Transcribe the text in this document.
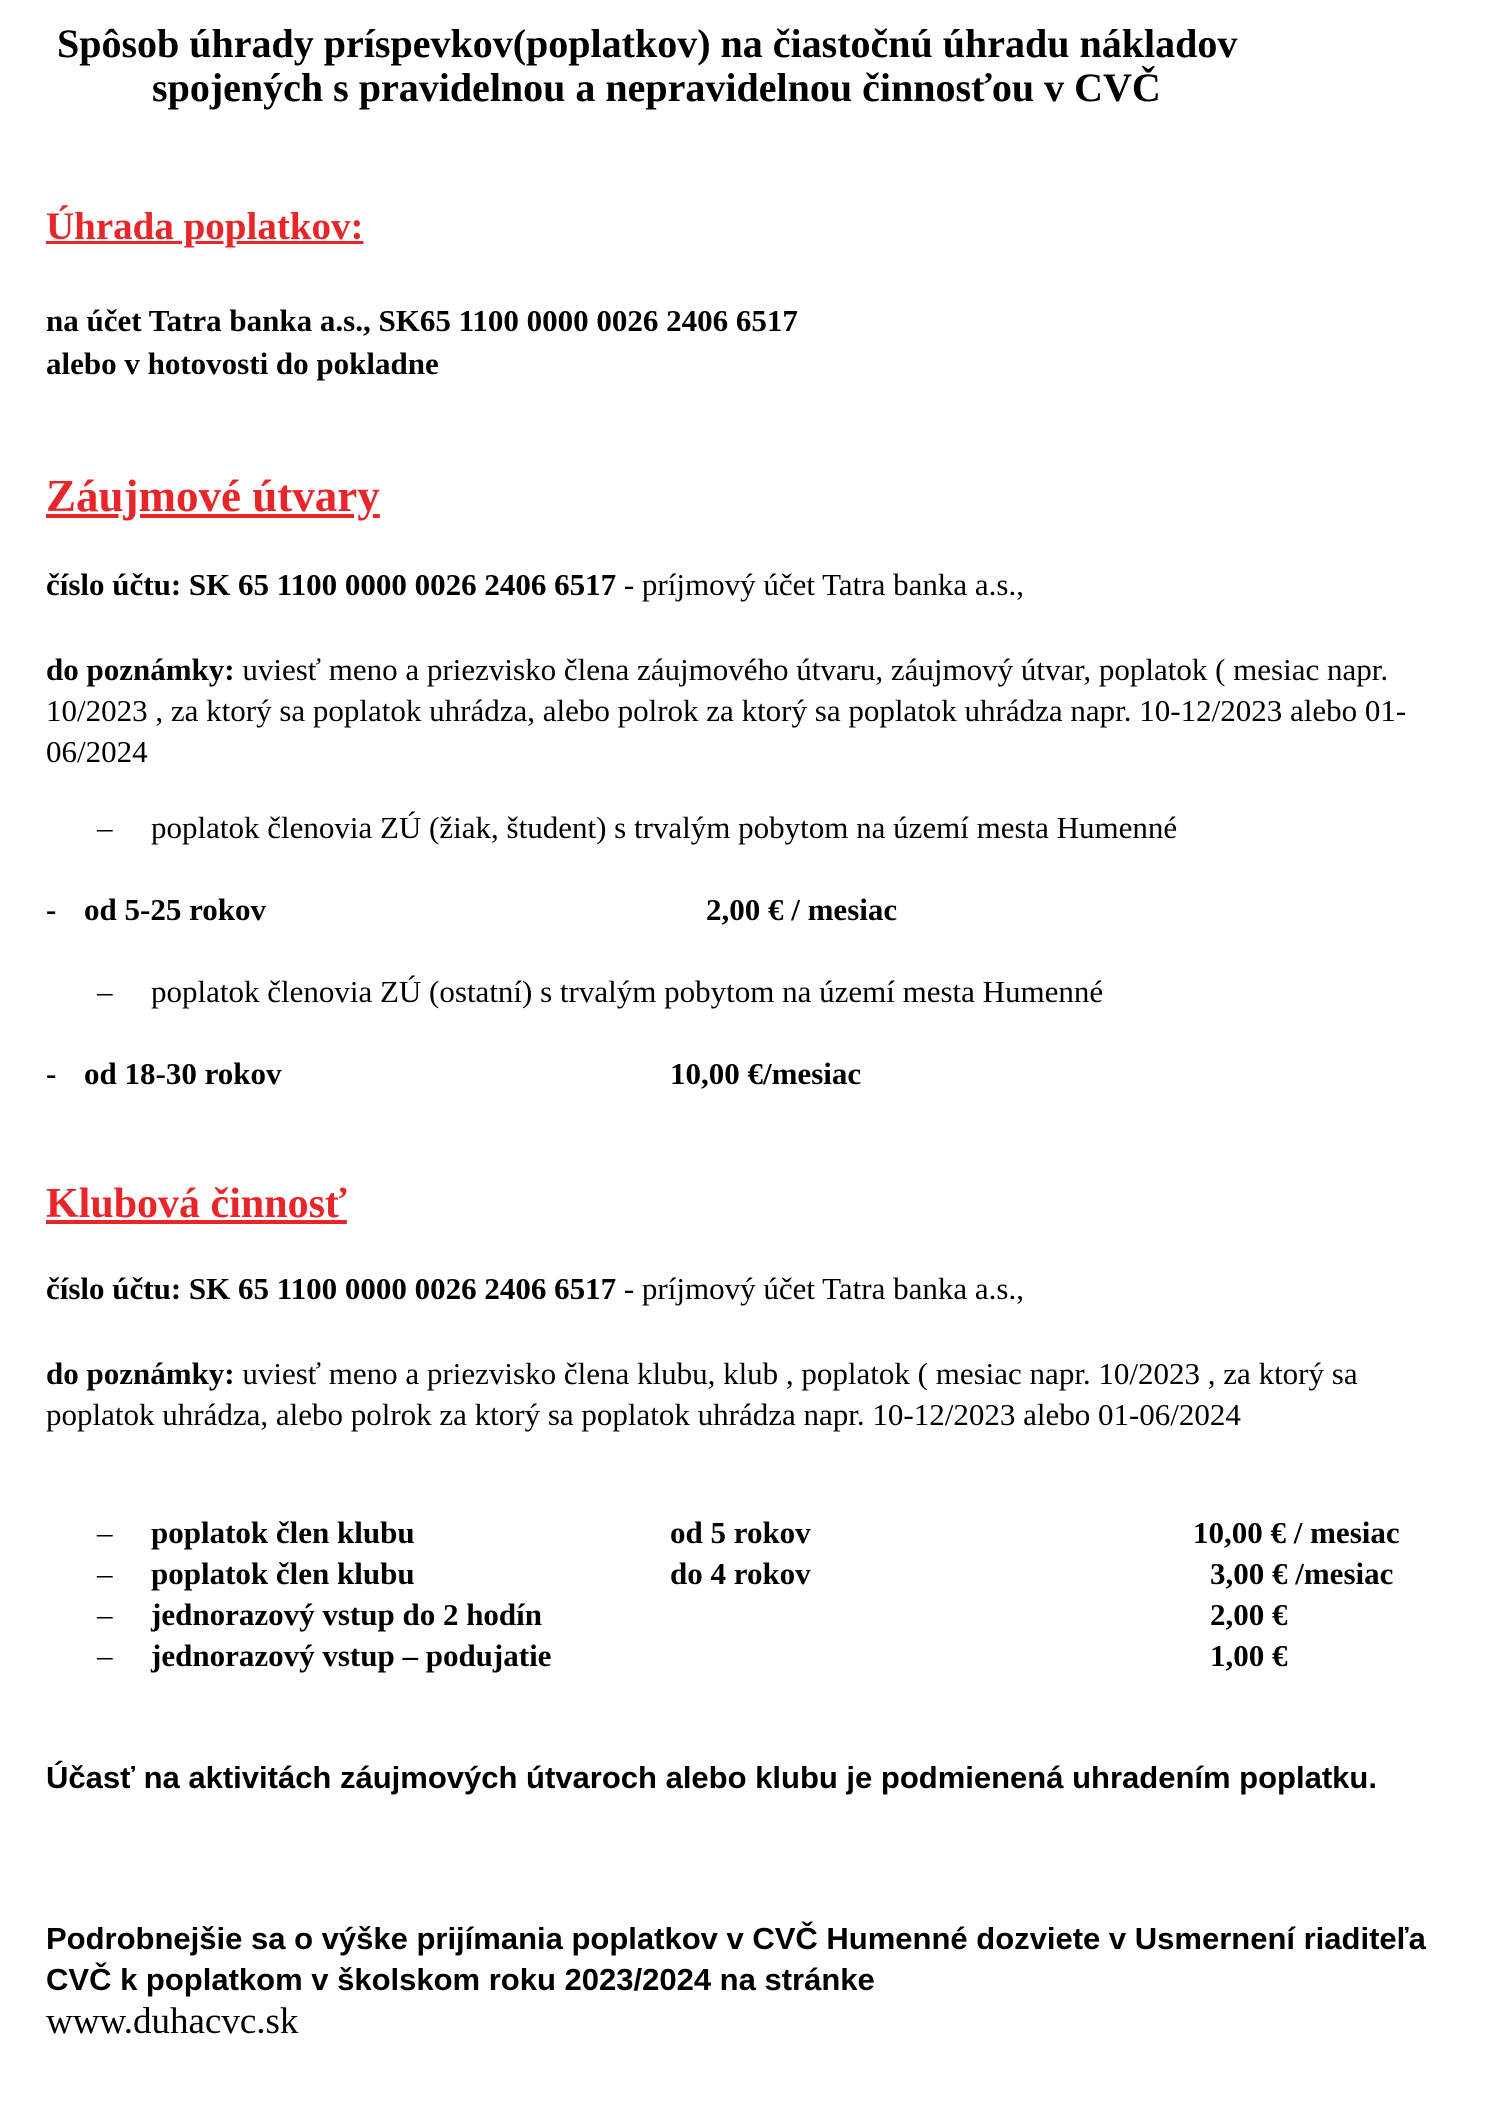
Spôsob úhrady príspevkov(poplatkov) na čiastočnú úhradu nákladov
spojených s pravidelnou a nepravidelnou činnosťou v CVČ
Úhrada poplatkov:
na účet Tatra banka a.s., SK65 1100 0000 0026 2406 6517
alebo v hotovosti do pokladne
Záujmové útvary
číslo účtu: SK 65 1100 0000 0026 2406 6517 - príjmový účet Tatra banka a.s.,
do poznámky: uviesť meno a priezvisko člena záujmového útvaru, záujmový útvar, poplatok ( mesiac napr. 10/2023 , za ktorý sa poplatok uhrádza, alebo polrok za ktorý sa poplatok uhrádza napr. 10-12/2023 alebo 01-06/2024
– poplatok členovia ZÚ (žiak, študent) s trvalým pobytom na území mesta Humenné
- od 5-25 rokov	2,00 € / mesiac
– poplatok členovia ZÚ (ostatní) s trvalým pobytom na území mesta Humenné
- od 18-30 rokov	10,00 €/mesiac
Klubová činnosť
číslo účtu: SK 65 1100 0000 0026 2406 6517 - príjmový účet Tatra banka a.s.,
do poznámky: uviesť meno a priezvisko člena klubu, klub , poplatok ( mesiac napr. 10/2023 , za ktorý sa poplatok uhrádza, alebo polrok za ktorý sa poplatok uhrádza napr. 10-12/2023 alebo 01-06/2024
– poplatok člen klubu	od 5 rokov	10,00 € / mesiac
– poplatok člen klubu	do 4 rokov	3,00 € /mesiac
– jednorazový vstup do 2 hodín	2,00 €
– jednorazový vstup – podujatie	1,00 €
Účasť na aktivitách záujmových útvaroch alebo klubu je podmienená uhradením poplatku.
Podrobnejšie sa o výške prijímania poplatkov v CVČ Humenné dozviete v Usmernení riaditeľa CVČ k poplatkom v školskom roku 2023/2024 na stránke
www.duhacvc.sk
